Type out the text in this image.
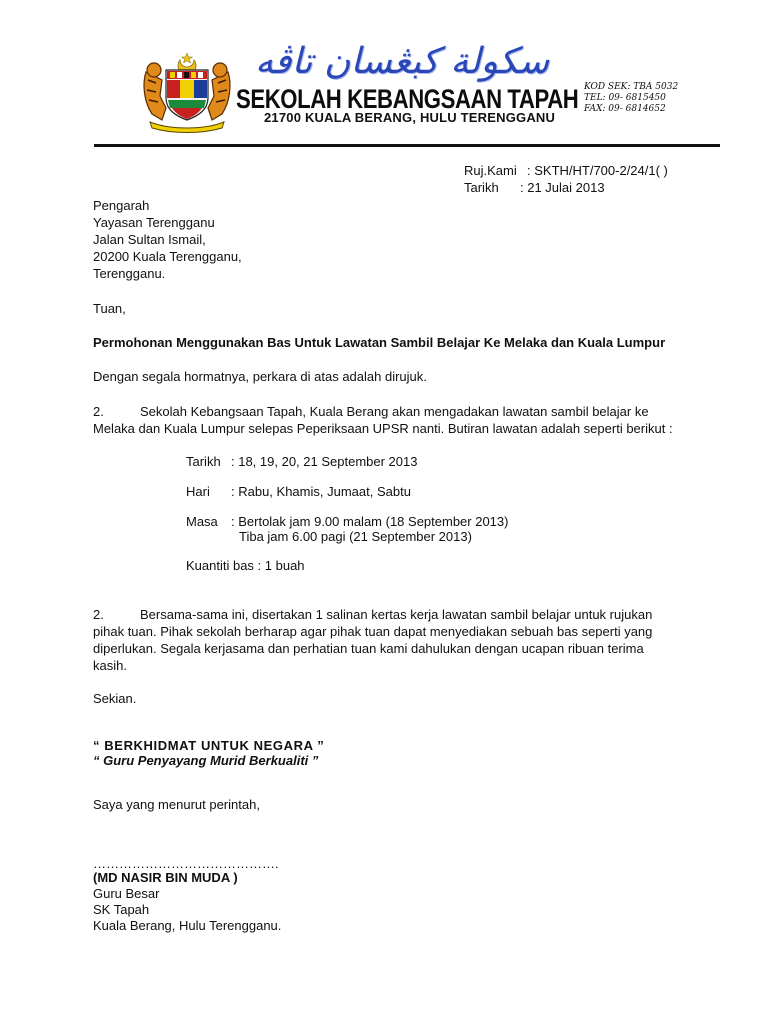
سكولة كبڠسان تاڤه
SEKOLAH KEBANGSAAN TAPAH
21700 KUALA BERANG, HULU TERENGGANU
KOD SEK: TBA 5032
TEL: 09- 6815450
FAX: 09- 6814652
Ruj.Kami : SKTH/HT/700-2/24/1( )
Tarikh : 21 Julai 2013
Pengarah
Yayasan Terengganu
Jalan Sultan Ismail,
20200 Kuala Terengganu,
Terengganu.
Tuan,
Permohonan Menggunakan Bas Untuk Lawatan Sambil Belajar Ke Melaka dan Kuala Lumpur
Dengan segala hormatnya, perkara di atas adalah dirujuk.
2.	Sekolah Kebangsaan Tapah, Kuala Berang akan mengadakan lawatan sambil belajar ke
Melaka dan Kuala Lumpur selepas Peperiksaan UPSR nanti. Butiran lawatan adalah seperti berikut :
Tarikh : 18, 19, 20, 21 September 2013
Hari : Rabu, Khamis, Jumaat, Sabtu
Masa : Bertolak jam 9.00 malam (18 September 2013)
Tiba jam 6.00 pagi (21 September 2013)
Kuantiti bas : 1 buah
2.	Bersama-sama ini, disertakan 1 salinan kertas kerja lawatan sambil belajar untuk rujukan
pihak tuan. Pihak sekolah berharap agar pihak tuan dapat menyediakan sebuah bas seperti yang
diperlukan. Segala kerjasama dan perhatian tuan kami dahulukan dengan ucapan ribuan terima
kasih.
Sekian.
“ BERKHIDMAT UNTUK NEGARA ”
“ Guru Penyayang Murid Berkualiti ”
Saya yang menurut perintah,
…………………………………….
(MD NASIR BIN MUDA )
Guru Besar
SK Tapah
Kuala Berang, Hulu Terengganu.
